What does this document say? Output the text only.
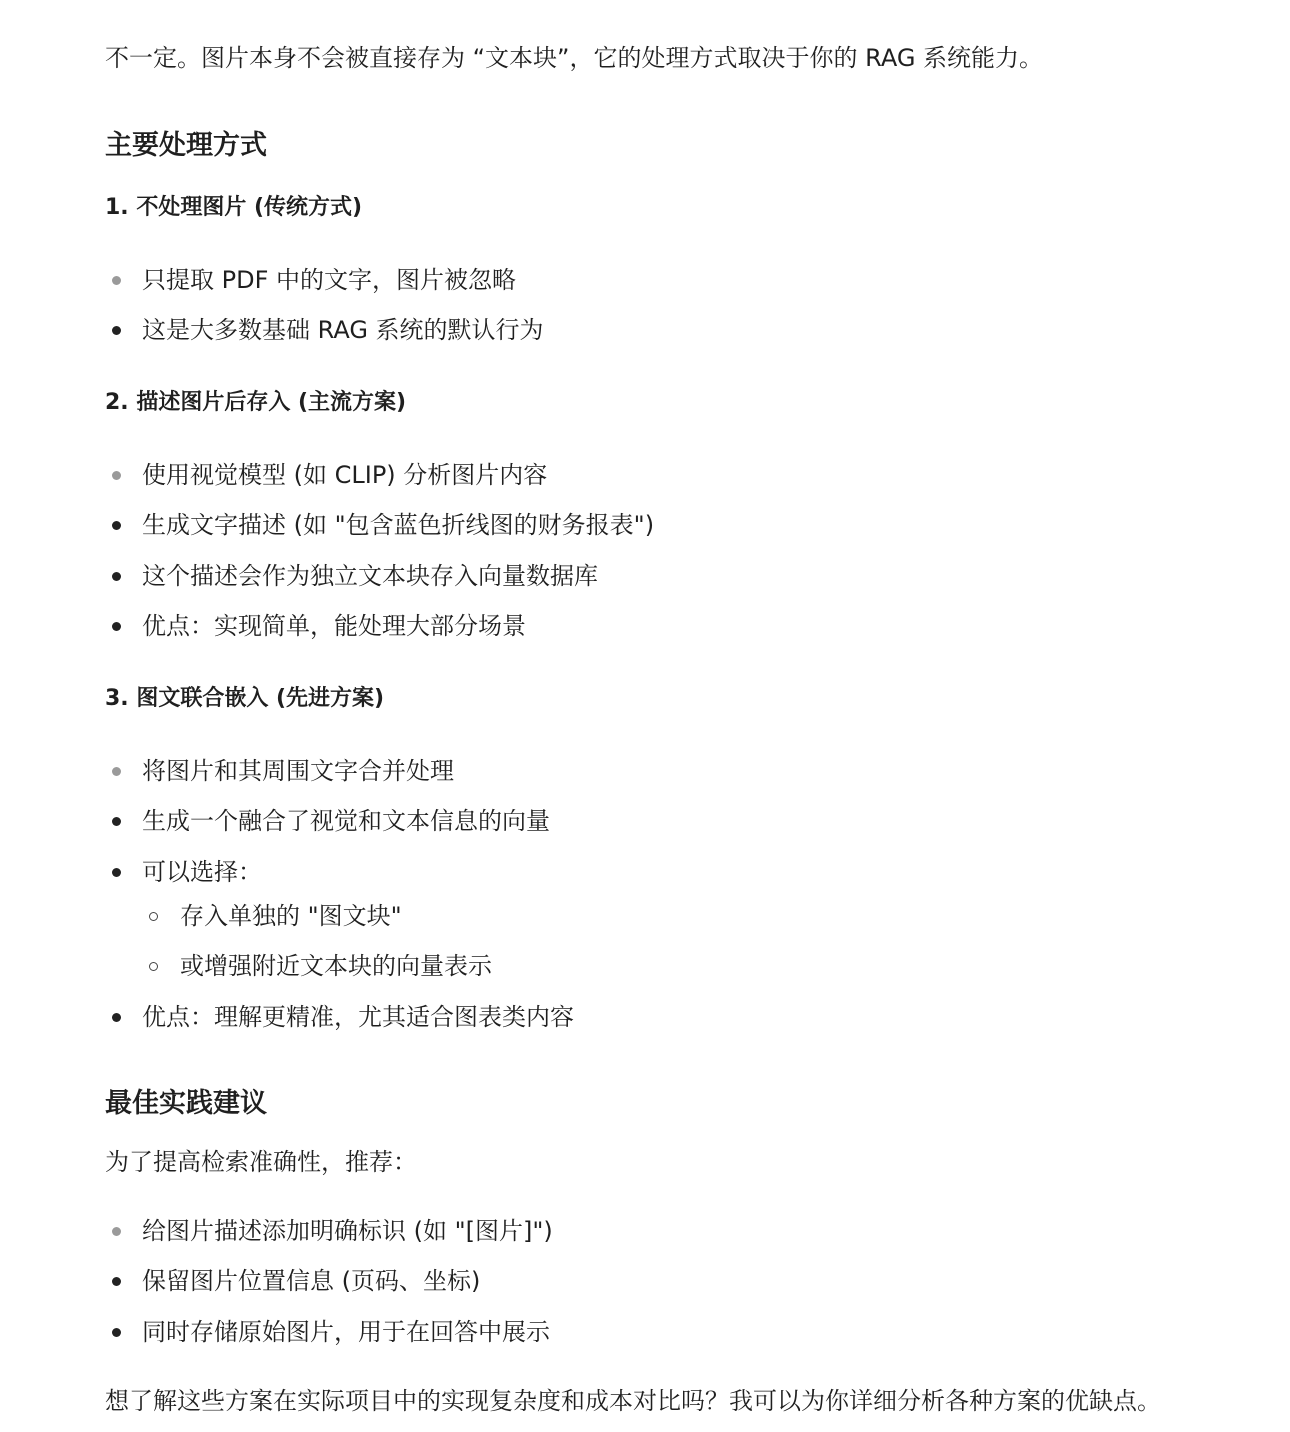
不一定。图片本身不会被直接存为 “文本块”，它的处理方式取决于你的 RAG 系统能力。
主要处理方式
1. 不处理图片 (传统方式)
只提取 PDF 中的文字，图片被忽略
这是大多数基础 RAG 系统的默认行为
2. 描述图片后存入 (主流方案)
使用视觉模型 (如 CLIP) 分析图片内容
生成文字描述 (如 "包含蓝色折线图的财务报表")
这个描述会作为独立文本块存入向量数据库
优点：实现简单，能处理大部分场景
3. 图文联合嵌入 (先进方案)
将图片和其周围文字合并处理
生成一个融合了视觉和文本信息的向量
可以选择：
存入单独的 "图文块"
或增强附近文本块的向量表示
优点：理解更精准，尤其适合图表类内容
最佳实践建议
为了提高检索准确性，推荐：
给图片描述添加明确标识 (如 "[图片]")
保留图片位置信息 (页码、坐标)
同时存储原始图片，用于在回答中展示
想了解这些方案在实际项目中的实现复杂度和成本对比吗？我可以为你详细分析各种方案的优缺点。
